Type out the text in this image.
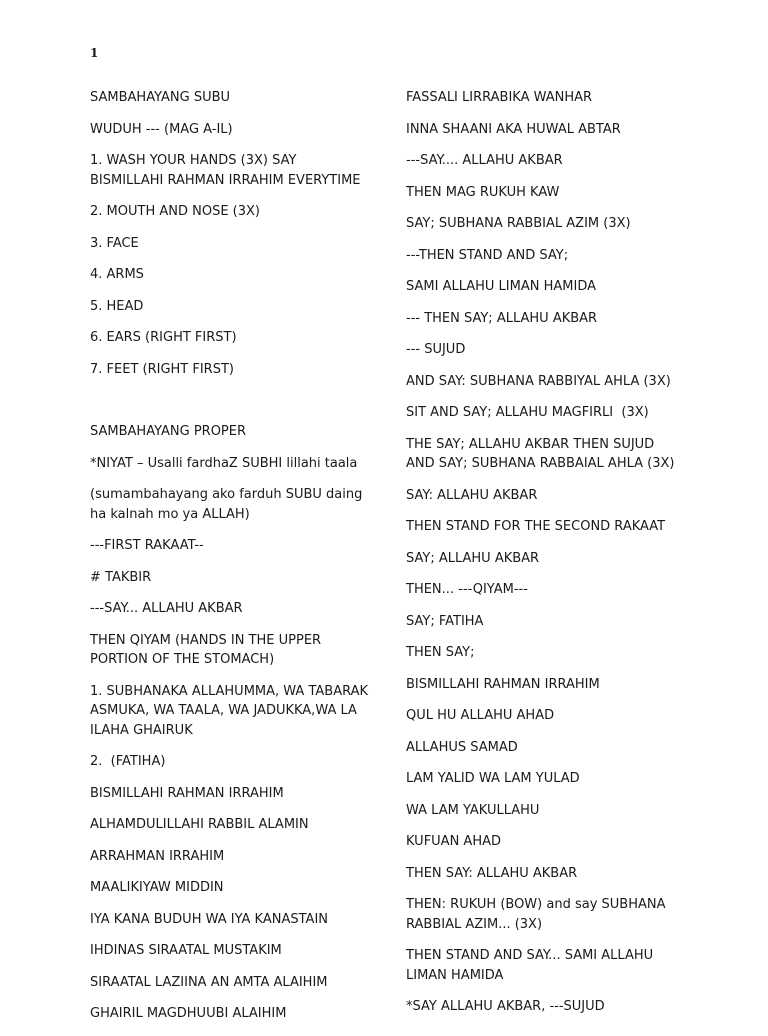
1

SAMBAHAYANG SUBU

WUDUH --- (MAG A-IL)

1. WASH YOUR HANDS (3X) SAY
BISMILLAHI RAHMAN IRRAHIM EVERYTIME

2. MOUTH AND NOSE (3X)

3. FACE

4. ARMS

5. HEAD

6. EARS (RIGHT FIRST)

7. FEET (RIGHT FIRST)

SAMBAHAYANG PROPER

*NIYAT – Usalli fardhaZ SUBHI lillahi taala

(sumambahayang ako farduh SUBU daing
ha kalnah mo ya ALLAH)

---FIRST RAKAAT--

# TAKBIR

---SAY... ALLAHU AKBAR

THEN QIYAM (HANDS IN THE UPPER
PORTION OF THE STOMACH)

1. SUBHANAKA ALLAHUMMA, WA TABARAK
ASMUKA, WA TAALA, WA JADUKKA,WA LA
ILAHA GHAIRUK

2.  (FATIHA)

BISMILLAHI RAHMAN IRRAHIM

ALHAMDULILLAHI RABBIL ALAMIN

ARRAHMAN IRRAHIM

MAALIKIYAW MIDDIN

IYA KANA BUDUH WA IYA KANASTAIN

IHDINAS SIRAATAL MUSTAKIM

SIRAATAL LAZIINA AN AMTA ALAIHIM

GHAIRIL MAGDHUUBI ALAIHIM

FASSALI LIRRABIKA WANHAR

INNA SHAANI AKA HUWAL ABTAR

---SAY.... ALLAHU AKBAR

THEN MAG RUKUH KAW

SAY; SUBHANA RABBIAL AZIM (3X)

---THEN STAND AND SAY;

SAMI ALLAHU LIMAN HAMIDA

--- THEN SAY; ALLAHU AKBAR

--- SUJUD

AND SAY: SUBHANA RABBIYAL AHLA (3X)

SIT AND SAY; ALLAHU MAGFIRLI  (3X)

THE SAY; ALLAHU AKBAR THEN SUJUD
AND SAY; SUBHANA RABBAIAL AHLA (3X)

SAY: ALLAHU AKBAR

THEN STAND FOR THE SECOND RAKAAT

SAY; ALLAHU AKBAR

THEN... ---QIYAM---

SAY; FATIHA

THEN SAY;

BISMILLAHI RAHMAN IRRAHIM

QUL HU ALLAHU AHAD

ALLAHUS SAMAD

LAM YALID WA LAM YULAD

WA LAM YAKULLAHU

KUFUAN AHAD

THEN SAY: ALLAHU AKBAR

THEN: RUKUH (BOW) and say SUBHANA
RABBIAL AZIM... (3X)

THEN STAND AND SAY... SAMI ALLAHU
LIMAN HAMIDA

*SAY ALLAHU AKBAR, ---SUJUD
